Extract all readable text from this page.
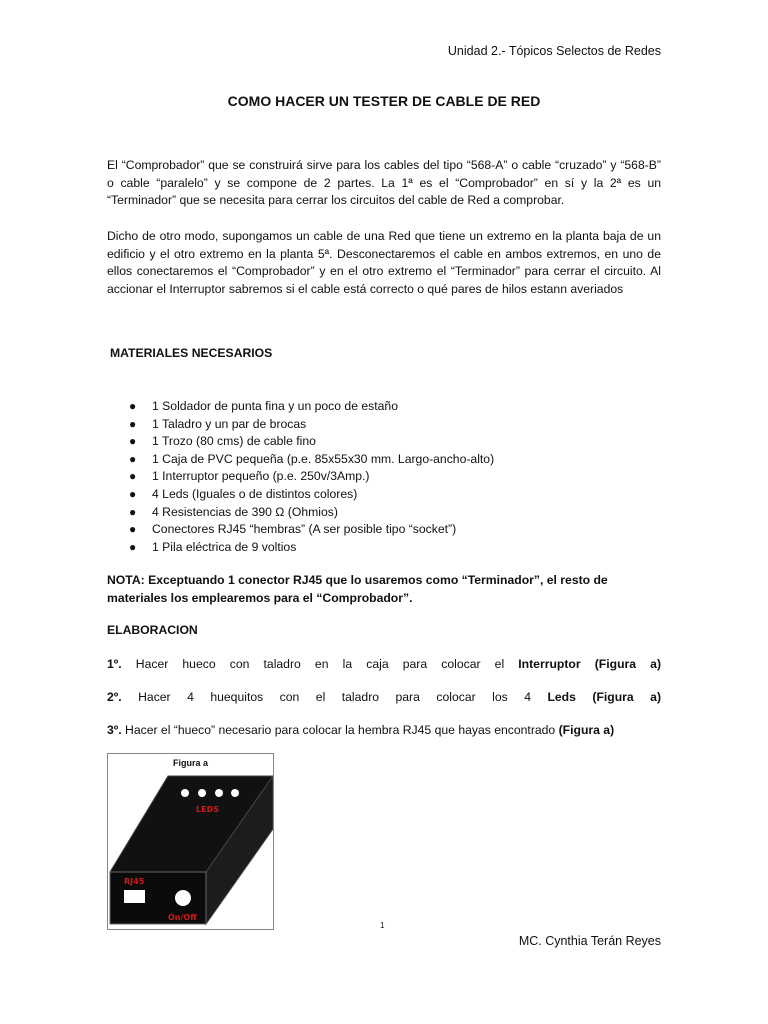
Unidad 2.- Tópicos Selectos de Redes
COMO HACER UN TESTER DE CABLE DE RED
El “Comprobador” que se construirá sirve para los cables del tipo “568-A” o cable “cruzado” y “568-B” o cable “paralelo” y se compone de 2 partes. La 1ª es el “Comprobador” en sí y la 2ª es un “Terminador” que se necesita para cerrar los circuitos del cable de Red a comprobar.
Dicho de otro modo, supongamos un cable de una Red que tiene un extremo en la planta baja de un edificio y el otro extremo en la planta 5ª. Desconectaremos el cable en ambos extremos, en uno de ellos conectaremos el “Comprobador” y en el otro extremo el “Terminador” para cerrar el circuito. Al accionar el Interruptor sabremos si el cable está correcto o qué pares de hilos estann averiados
MATERIALES NECESARIOS
● 1 Soldador de punta fina y un poco de estaño
● 1 Taladro y un par de brocas
● 1 Trozo (80 cms) de cable fino
● 1 Caja de PVC pequeña (p.e. 85x55x30 mm. Largo-ancho-alto)
● 1 Interruptor pequeño (p.e. 250v/3Amp.)
● 4 Leds (Iguales o de distintos colores)
● 4 Resistencias de 390 Ω (Ohmios)
● Conectores RJ45 “hembras” (A ser posible tipo “socket”)
● 1 Pila eléctrica de 9 voltios
NOTA: Exceptuando 1 conector RJ45 que lo usaremos como “Terminador”, el resto de materiales los emplearemos para el “Comprobador”.
ELABORACION
1º. Hacer hueco con taladro en la caja para colocar el Interruptor (Figura a)
2º. Hacer 4 huequitos con el taladro para colocar los 4 Leds (Figura a)
3º. Hacer el “hueco” necesario para colocar la hembra RJ45 que hayas encontrado (Figura a)
Figura a
LEDS
RJ45
On/Off
1
MC. Cynthia Terán Reyes
